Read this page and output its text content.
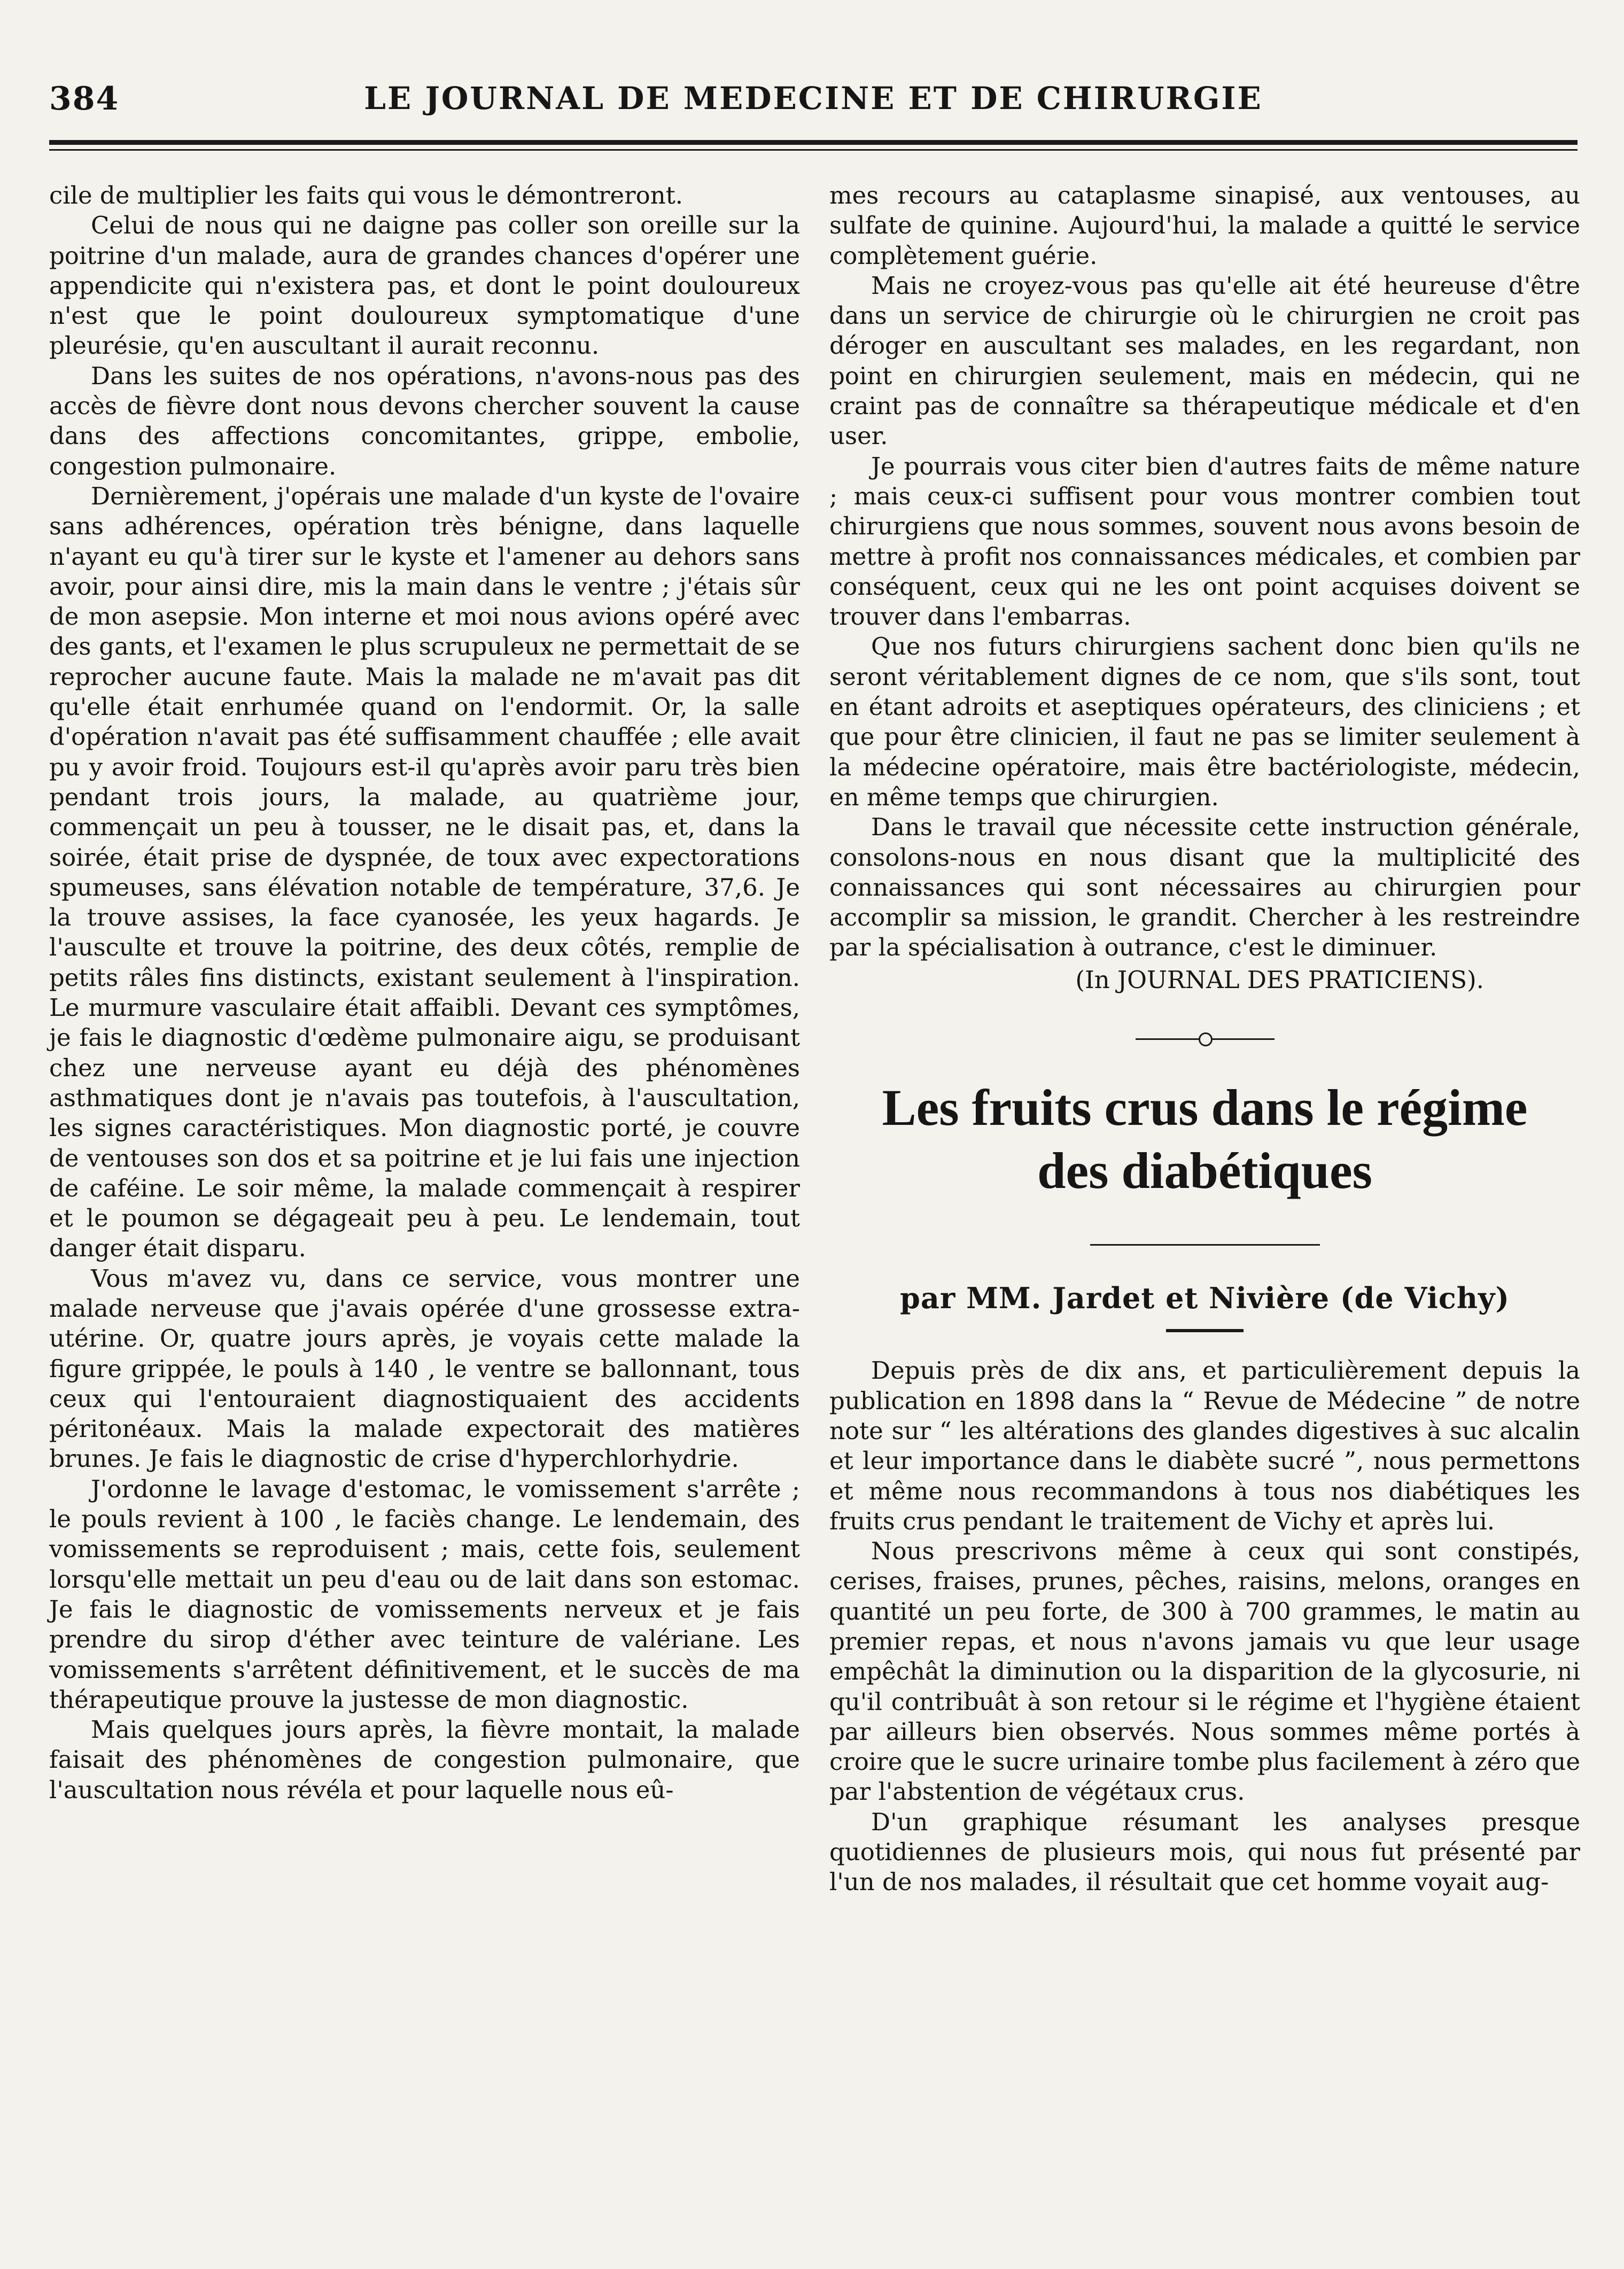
384	LE JOURNAL DE MEDECINE ET DE CHIRURGIE

cile de multiplier les faits qui vous le démontreront.

Celui de nous qui ne daigne pas coller son oreille sur la poitrine d'un malade, aura de grandes chances d'opérer une appendicite qui n'existera pas, et dont le point douloureux n'est que le point douloureux symptomatique d'une pleurésie, qu'en auscultant il aurait reconnu.

Dans les suites de nos opérations, n'avons-nous pas des accès de fièvre dont nous devons chercher souvent la cause dans des affections concomitantes, grippe, embolie, congestion pulmonaire.

Dernièrement, j'opérais une malade d'un kyste de l'ovaire sans adhérences, opération très bénigne, dans laquelle n'ayant eu qu'à tirer sur le kyste et l'amener au dehors sans avoir, pour ainsi dire, mis la main dans le ventre ; j'étais sûr de mon asepsie. Mon interne et moi nous avions opéré avec des gants, et l'examen le plus scrupuleux ne permettait de se reprocher aucune faute. Mais la malade ne m'avait pas dit qu'elle était enrhumée quand on l'endormit. Or, la salle d'opération n'avait pas été suffisamment chauffée ; elle avait pu y avoir froid. Toujours est-il qu'après avoir paru très bien pendant trois jours, la malade, au quatrième jour, commençait un peu à tousser, ne le disait pas, et, dans la soirée, était prise de dyspnée, de toux avec expectorations spumeuses, sans élévation notable de température, 37,6. Je la trouve assises, la face cyanosée, les yeux hagards. Je l'ausculte et trouve la poitrine, des deux côtés, remplie de petits râles fins distincts, existant seulement à l'inspiration. Le murmure vasculaire était affaibli. Devant ces symptômes, je fais le diagnostic d'œdème pulmonaire aigu, se produisant chez une nerveuse ayant eu déjà des phénomènes asthmatiques dont je n'avais pas toutefois, à l'auscultation, les signes caractéristiques. Mon diagnostic porté, je couvre de ventouses son dos et sa poitrine et je lui fais une injection de caféine. Le soir même, la malade commençait à respirer et le poumon se dégageait peu à peu. Le lendemain, tout danger était disparu.

Vous m'avez vu, dans ce service, vous montrer une malade nerveuse que j'avais opérée d'une grossesse extra-utérine. Or, quatre jours après, je voyais cette malade la figure grippée, le pouls à 140 , le ventre se ballonnant, tous ceux qui l'entouraient diagnostiquaient des accidents péritonéaux. Mais la malade expectorait des matières brunes. Je fais le diagnostic de crise d'hyperchlorhydrie.

J'ordonne le lavage d'estomac, le vomissement s'arrête ; le pouls revient à 100 , le faciès change. Le lendemain, des vomissements se reproduisent ; mais, cette fois, seulement lorsqu'elle mettait un peu d'eau ou de lait dans son estomac. Je fais le diagnostic de vomissements nerveux et je fais prendre du sirop d'éther avec teinture de valériane. Les vomissements s'arrêtent définitivement, et le succès de ma thérapeutique prouve la justesse de mon diagnostic.

Mais quelques jours après, la fièvre montait, la malade faisait des phénomènes de congestion pulmonaire, que l'auscultation nous révéla et pour laquelle nous eû-

mes recours au cataplasme sinapisé, aux ventouses, au sulfate de quinine. Aujourd'hui, la malade a quitté le service complètement guérie.

Mais ne croyez-vous pas qu'elle ait été heureuse d'être dans un service de chirurgie où le chirurgien ne croit pas déroger en auscultant ses malades, en les regardant, non point en chirurgien seulement, mais en médecin, qui ne craint pas de connaître sa thérapeutique médicale et d'en user.

Je pourrais vous citer bien d'autres faits de même nature ; mais ceux-ci suffisent pour vous montrer combien tout chirurgiens que nous sommes, souvent nous avons besoin de mettre à profit nos connaissances médicales, et combien par conséquent, ceux qui ne les ont point acquises doivent se trouver dans l'embarras.

Que nos futurs chirurgiens sachent donc bien qu'ils ne seront véritablement dignes de ce nom, que s'ils sont, tout en étant adroits et aseptiques opérateurs, des cliniciens ; et que pour être clinicien, il faut ne pas se limiter seulement à la médecine opératoire, mais être bactériologiste, médecin, en même temps que chirurgien.

Dans le travail que nécessite cette instruction générale, consolons-nous en nous disant que la multiplicité des connaissances qui sont nécessaires au chirurgien pour accomplir sa mission, le grandit. Chercher à les restreindre par la spécialisation à outrance, c'est le diminuer.

(In JOURNAL DES PRATICIENS).

Les fruits crus dans le régime
des diabétiques

par MM. Jardet et Nivière (de Vichy)

Depuis près de dix ans, et particulièrement depuis la publication en 1898 dans la “ Revue de Médecine ” de notre note sur “ les altérations des glandes digestives à suc alcalin et leur importance dans le diabète sucré ”, nous permettons et même nous recommandons à tous nos diabétiques les fruits crus pendant le traitement de Vichy et après lui.

Nous prescrivons même à ceux qui sont constipés, cerises, fraises, prunes, pêches, raisins, melons, oranges en quantité un peu forte, de 300 à 700 grammes, le matin au premier repas, et nous n'avons jamais vu que leur usage empêchât la diminution ou la disparition de la glycosurie, ni qu'il contribuât à son retour si le régime et l'hygiène étaient par ailleurs bien observés. Nous sommes même portés à croire que le sucre urinaire tombe plus facilement à zéro que par l'abstention de végétaux crus.

D'un graphique résumant les analyses presque quotidiennes de plusieurs mois, qui nous fut présenté par l'un de nos malades, il résultait que cet homme voyait aug-
